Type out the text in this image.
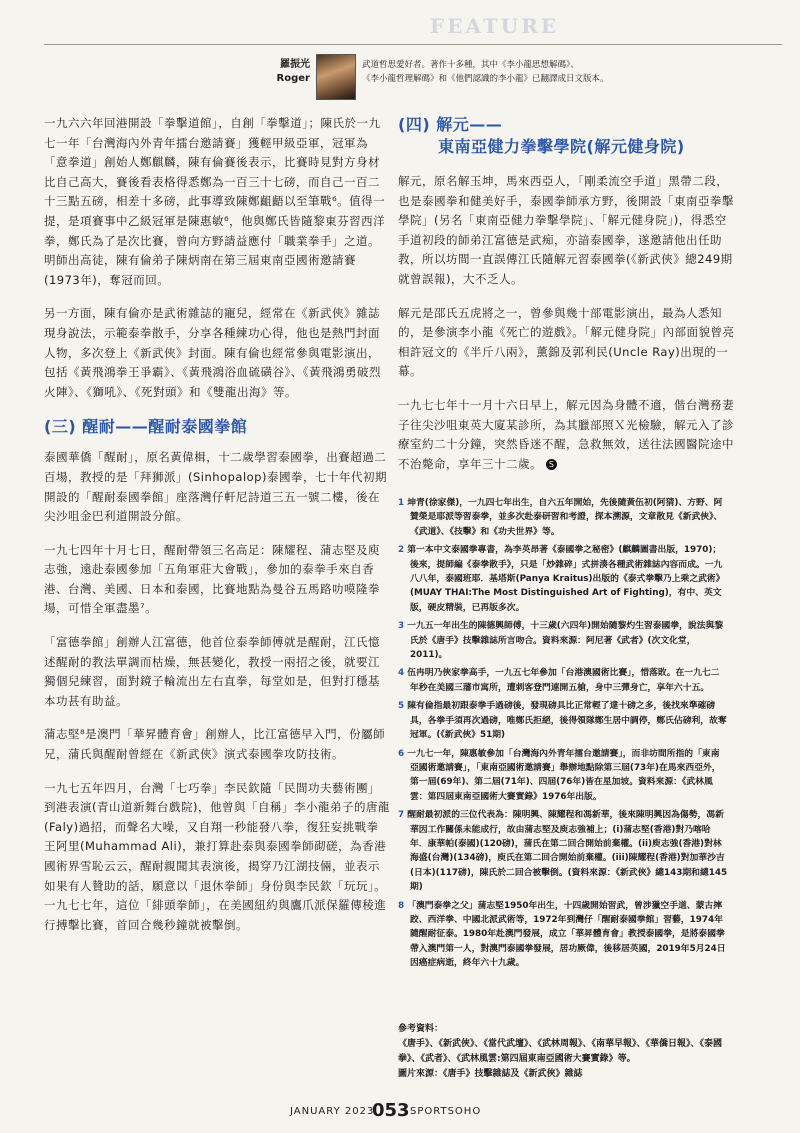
FEATURE
羅振光
Roger
武道哲思愛好者。著作十多種，其中《李小龍思想解碼》、
《李小龍哲理解碼》和《他們認識的李小龍》已翻譯成日文版本。

一九六六年回港開設「拳擊道館」，自創「拳擊道」；陳氏於一九七一年「台灣海內外青年擂台邀請賽」獲輕甲級亞軍，冠軍為「意拳道」創始人鄭麒麟，陳有倫賽後表示，比賽時見對方身材比自己高大，賽後看表格得悉鄭為一百三十七磅，而自己一百二十三點五磅，相差十多磅，此事導致陳鄭齟齬以至筆戰⁶。值得一提，是項賽事中乙級冠軍是陳惠敏⁶，他與鄭氏皆隨黎東芬習西洋拳，鄭氏為了是次比賽，曾向方野請益應付「職業拳手」之道。明師出高徒，陳有倫弟子陳炳南在第三屆東南亞國術邀請賽(1973年)，奪冠而回。

另一方面，陳有倫亦是武術雜誌的寵兒，經常在《新武俠》雜誌現身說法，示範泰拳散手，分享各種練功心得，他也是熱門封面人物，多次登上《新武俠》封面。陳有倫也經常參與電影演出，包括《黃飛鴻拳王爭霸》、《黃飛鴻浴血硫磺谷》、《黃飛鴻勇破烈火陣》、《獅吼》、《死對頭》和《雙龍出海》等。

(三) 醒耐——醒耐泰國拳館

泰國華僑「醒耐」，原名黃偉楫，十二歲學習泰國拳，出賽超過二百場，教授的是「拜狮派」(Sinhopalop)泰國拳，七十年代初期開設的「醒耐泰國拳館」座落灣仔軒尼詩道三五一號二樓，後在尖沙咀金巴利道開設分館。

一九七四年十月七日，醒耐帶領三名高足：陳耀程、蒲志堅及庾志強，遠赴泰國參加「五角軍莊大會戰」，參加的泰拳手來自香港、台灣、美國、日本和泰國，比賽地點為曼谷五馬路叻嗼隆拳場，可惜全軍盡墨⁷。

「富德拳館」創辦人江富德，他首位泰拳師傅就是醒耐，江氏憶述醒耐的教法單調而枯燥，無甚變化，教授一兩招之後，就要江獨個兒練習，面對鏡子輪流出左右直拳，每堂如是，但對打穩基本功甚有助益。

蒲志堅⁸是澳門「華昇體育會」創辦人，比江富德早入門，份屬師兄，蒲氏與醒耐曾經在《新武俠》演式泰國拳攻防技術。

一九七五年四月，台灣「七巧拳」李民欽隨「民間功夫藝術團」到港表演(青山道新舞台戲院)，他曾與「自稱」李小龍弟子的唐龍(Faly)過招，而聲名大噪，又自翔一秒能發八拳，復狂妄挑戰拳王阿里(Muhammad Ali)，兼打算赴泰與泰國拳師砌磋，為香港國術界雪恥云云，醒耐親聞其表演後，揭穿乃江湖技倆，並表示如果有人贊助的話，願意以「退休拳師」身份與李民欽「玩玩」。一九七七年，這位「緋頭拳師」，在美國紐約與鷹爪派保羅傳稜進行搏擊比賽，首回合幾秒鐘就被擊倒。

(四) 解元——
東南亞健力拳擊學院(解元健身院)

解元，原名解玉坤，馬來西亞人，「剛柔流空手道」黑帶二段，也是泰國拳和健美好手，泰國拳師承方野，後開設「東南亞拳擊學院」(另名「東南亞健力拳擊學院」、「解元健身院」)，得悉空手道初段的師弟江富德是武痴，亦諳泰國拳，遂邀請他出任助教，所以坊間一直誤傳江氏隨解元習泰國拳(《新武俠》總249期就曾誤報)，大不乏人。

解元是邵氏五虎將之一，曾參與幾十部電影演出，最為人悉知的，是參演李小龍《死亡的遊戲》。「解元健身院」內部面貌曾亮相許冠文的《半斤八兩》，薰錦及郭利民(Uncle Ray)出現的一幕。

一九七七年十一月十六日早上，解元因為身體不適，偕台灣務妻子往尖沙咀東英大廈某診所，為其臘部照Ｘ光檢驗，解元入了診療室約二十分鐘，突然昏迷不醒，急救無效，送往法國醫院途中不治斃命，享年三十二歲。 S

1 坤青(徐家傑)，一九四七年出生，自六五年開始，先後隨黃伍初(阿猜)、方野、阿贊榮是耶派等習泰拳，並多次赴泰研習和考證，探本溯源，文章散見《新武俠》、《武道》、《技擊》和《功夫世界》等。
2 第一本中文泰國拳專書，為李英昂著《泰國拳之秘密》(麒麟圖書出版，1970)；後來，提師編《泰拳散手》，只是「炒雜碎」式拼湊各種武術雜誌內容而成。一九八八年，泰國班耶．基塔斯(Panya Kraitus)出版的《泰式拳擊乃上乘之武術》(MUAY THAI:The Most Distinguished Art of Fighting)，有中、英文版，硬皮精裝，已再版多次。
3 一九五一年出生的陳德興師傅，十三歲(六四年)開始隨黎灼生習泰國拳，說法與黎氏於《唐手》技擊雜誌所言吻合。資料來源：阿尼著《武者》(次文化堂，2011)。
4 伍冉明乃俠家拳高手，一九五七年參加「台港澳國術比賽」，惜落敗。在一九七二年秒在美國三藩市寓所，遭刺客登門連開五槍，身中三彈身亡，享年六十五。
5 陳有倫指最初跟泰拳手過磅後，發現磅具比正常輕了達十磅之多，後找來準確磅具，各拳手須再次過磅，唯鄭氏拒絕，後得領隊鄭生居中調停，鄭氏佔磅利，故奪冠軍。(《新武俠》51期)
6 一九七一年，陳惠敏參加「台灣海內外青年擂台邀請賽」，而非坊間所指的「東南亞國術邀請賽」，「東南亞國術邀請賽」舉辦地點除第三屆(73年)在馬來西亞外，第一屆(69年)、第二屆(71年)、四屆(76年)皆在星加坡。資料來源：《武林風雲：第四屆東南亞國術大賽實錄》1976年出版。
7 醒耐最初派的三位代表為：陳明興、陳耀程和馮新華，後來陳明興因為傷勢，馮新華因工作關係未能成行，故由蒲志堅及庾志強補上；(i)蒲志堅(香港)對乃喀哈年．康華帕(泰國)(120磅)，蒲氏在第二回合開始前棄權。(ii)庾志強(香港)對林海盛(台灣)(134磅)，庾氏在第二回合開始前棄權。(iii)陳耀程(香港)對加華沙吉(日本)(117磅)，陳氏於二回合被擊倒。(資料來源：《新武俠》總143期和總145期)
8 「澳門泰拳之父」蒲志堅1950年出生，十四歲開始習武，曾涉獵空手道、蒙古摔跤、西洋拳、中國北派武術等，1972年到灣仔「醒耐泰國拳館」習藝，1974年隨醒耐征泰。1980年赴澳門發展，成立「華昇體育會」教授泰國拳，是將泰國拳帶入澳門第一人，對澳門泰國拳發展，居功厥偉，後移居英國，2019年5月24日因癌症病逝，終年六十九歲。
參考資料：
《唐手》、《新武俠》、《當代武壇》、《武林周報》、《南華早報》、《華僑日報》、《泰國拳》、《武者》、《武林風雲:第四屆東南亞國術大賽實錄》等。
圖片來源：《唐手》技擊雜誌及《新武俠》雜誌
JANUARY 2023
053 SPORTSOHO
